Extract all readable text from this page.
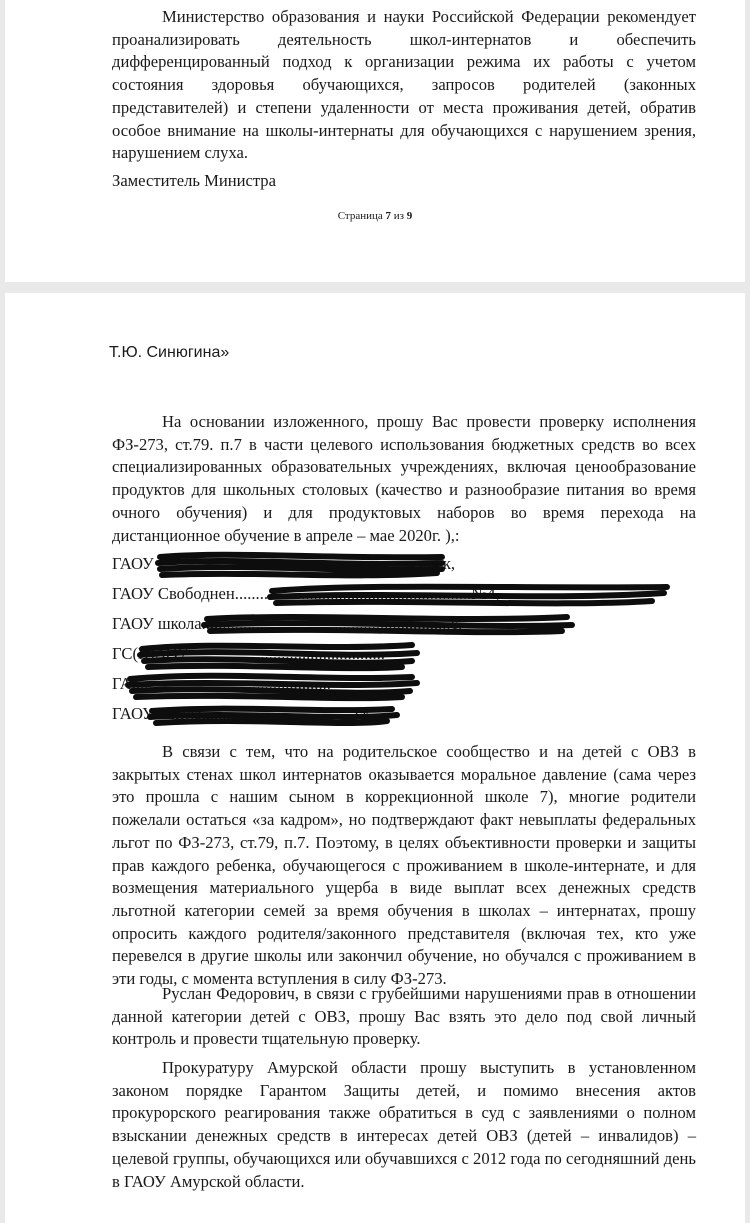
Министерство образования и науки Российской Федерации рекомендует проанализировать деятельность школ-интернатов и обеспечить дифференцированный подход к организации режима их работы с учетом состояния здоровья обучающихся, запросов родителей (законных представителей) и степени удаленности от места проживания детей, обратив особое внимание на школы-интернаты для обучающихся с нарушением зрения, нарушением слуха.

Заместитель Министра

Страница 7 из 9
Т.Ю. Синюгина»

На основании изложенного, прошу Вас провести проверку исполнения ФЗ-273, ст.79. п.7 в части целевого использования бюджетных средств во всех специализированных образовательных учреждениях, включая ценообразование продуктов для школьных столовых (качество и разнообразие питания во время очного обучения) и для продуктовых наборов во время перехода на дистанционное обучение в апреле – мае 2020г. ),:

ГАОУ ...............................................................енск,
ГАОУ Свободнен.........................................................№4,
ГАОУ школа............................................................с,
ГС(К)АОУ................................................
ГА................................................
ГАОУ школа.....................................ск.

В связи с тем, что на родительское сообщество и на детей с ОВЗ в закрытых стенах школ интернатов оказывается моральное давление (сама через это прошла с нашим сыном в коррекционной школе 7), многие родители пожелали остаться «за кадром», но подтверждают факт невыплаты федеральных льгот по ФЗ-273, ст.79, п.7. Поэтому, в целях объективности проверки и защиты прав каждого ребенка, обучающегося с проживанием в школе-интернате, и для возмещения материального ущерба в виде выплат всех денежных средств льготной категории семей за время обучения в школах – интернатах, прошу опросить каждого родителя/законного представителя (включая тех, кто уже перевелся в другие школы или закончил обучение, но обучался с проживанием в эти годы, с момента вступления в силу ФЗ-273.

Руслан Федорович, в связи с грубейшими нарушениями прав в отношении данной категории детей с ОВЗ, прошу Вас взять это дело под свой личный контроль и провести тщательную проверку.

Прокуратуру Амурской области прошу выступить в установленном законом порядке Гарантом Защиты детей, и помимо внесения актов прокурорского реагирования также обратиться в суд с заявлениями о полном взыскании денежных средств в интересах детей ОВЗ (детей – инвалидов) – целевой группы, обучающихся или обучавшихся с 2012 года по сегодняшний день в ГАОУ Амурской области.
